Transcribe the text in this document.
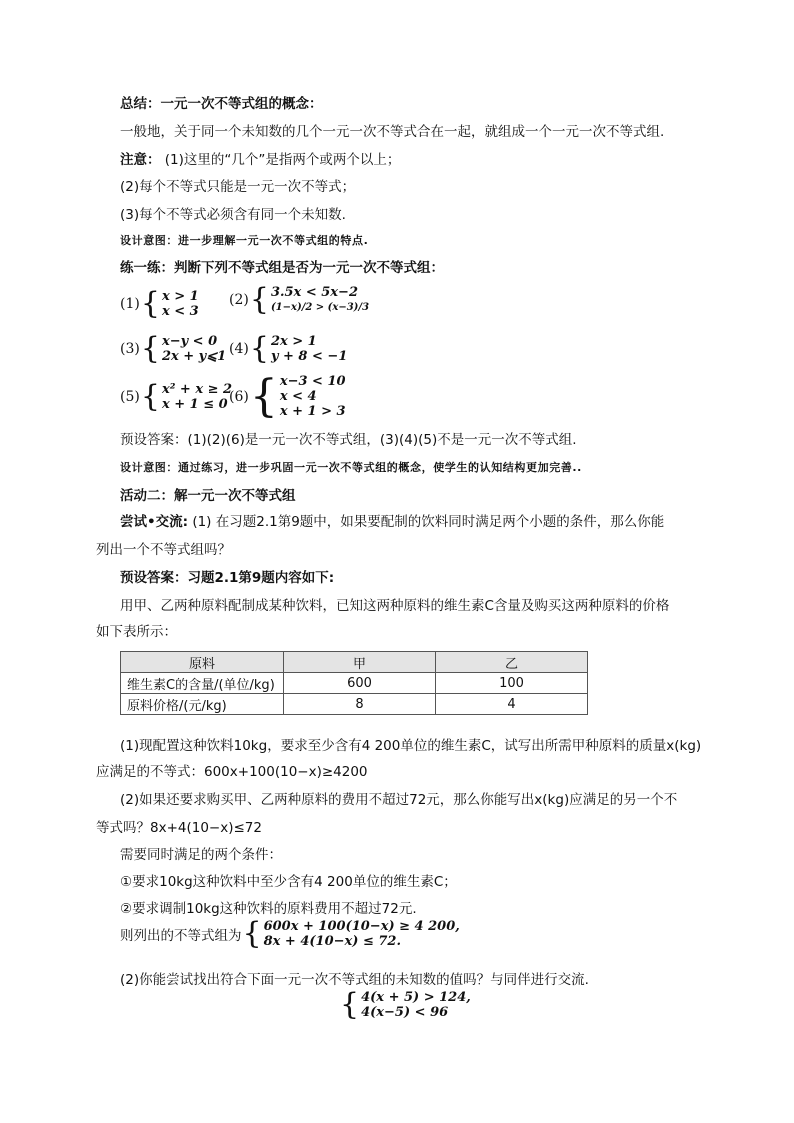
总结：一元一次不等式组的概念：
一般地，关于同一个未知数的几个一元一次不等式合在一起，就组成一个一元一次不等式组.
注意： (1)这里的“几个”是指两个或两个以上；
(2)每个不等式只能是一元一次不等式；
(3)每个不等式必须含有同一个未知数.
设计意图：进一步理解一元一次不等式组的特点.
练一练：判断下列不等式组是否为一元一次不等式组：
(1) { x > 1
x < 3
(2) { 3.5x < 5x−2
(1−x)/2 > (x−3)/3
(3) { x−y < 0
2x + y⩽1 (4) { 2x > 1
y + 8 < −1
(5) { x² + x ≥ 2
x + 1 ≤ 0 (6) { x−3 < 10
x < 4
x + 1 > 3
预设答案：(1)(2)(6)是一元一次不等式组，(3)(4)(5)不是一元一次不等式组.
设计意图：通过练习，进一步巩固一元一次不等式组的概念，使学生的认知结构更加完善..
活动二：解一元一次不等式组
尝试•交流: (1) 在习题2.1第9题中，如果要配制的饮料同时满足两个小题的条件，那么你能
列出一个不等式组吗？
预设答案：习题2.1第9题内容如下:
用甲、乙两种原料配制成某种饮料，已知这两种原料的维生素C含量及购买这两种原料的价格
如下表所示：
原料	甲	乙
维生素C的含量/(单位/kg)	600	100
原料价格/(元/kg)	8	4
(1)现配置这种饮料10kg，要求至少含有4 200单位的维生素C，试写出所需甲种原料的质量x(kg)
应满足的不等式：600x+100(10−x)≥4200
(2)如果还要求购买甲、乙两种原料的费用不超过72元，那么你能写出x(kg)应满足的另一个不
等式吗？8x+4(10−x)≤72
需要同时满足的两个条件：
①要求10kg这种饮料中至少含有4 200单位的维生素C；
②要求调制10kg这种饮料的原料费用不超过72元.
则列出的不等式组为 { 600x + 100(10−x) ≥ 4 200,
8x + 4(10−x) ≤ 72.
(2)你能尝试找出符合下面一元一次不等式组的未知数的值吗？与同伴进行交流.
{ 4(x + 5) > 124,
4(x−5) < 96
